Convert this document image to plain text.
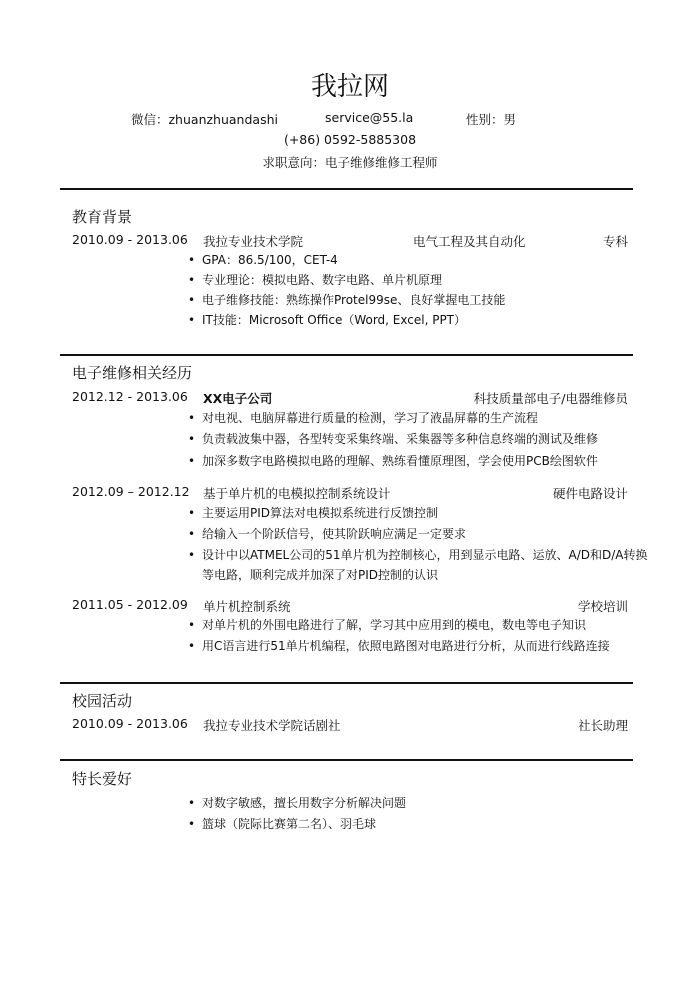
我拉网
微信：zhuanzhuandashi	service@55.la	性别：男
(+86) 0592-5885308
求职意向：电子维修维修工程师
教育背景
2010.09 - 2013.06 我拉专业技术学院	电气工程及其自动化	专科
• GPA：86.5/100，CET-4
• 专业理论：模拟电路、数字电路、单片机原理
• 电子维修技能：熟练操作Protel99se、良好掌握电工技能
• IT技能：Microsoft Office（Word, Excel, PPT）
电子维修相关经历
2012.12 - 2013.06 XX电子公司	科技质量部电子/电器维修员
• 对电视、电脑屏幕进行质量的检测，学习了液晶屏幕的生产流程
• 负责载波集中器，各型转变采集终端、采集器等多种信息终端的测试及维修
• 加深多数字电路模拟电路的理解、熟练看懂原理图，学会使用PCB绘图软件
2012.09 – 2012.12 基于单片机的电模拟控制系统设计	硬件电路设计
• 主要运用PID算法对电模拟系统进行反馈控制
• 给输入一个阶跃信号，使其阶跃响应满足一定要求
• 设计中以ATMEL公司的51单片机为控制核心，用到显示电路、运放、A/D和D/A转换等电路，顺利完成并加深了对PID控制的认识
2011.05 - 2012.09 单片机控制系统	学校培训
• 对单片机的外围电路进行了解，学习其中应用到的模电，数电等电子知识
• 用C语言进行51单片机编程，依照电路图对电路进行分析，从而进行线路连接
校园活动
2010.09 - 2013.06 我拉专业技术学院话剧社	社长助理
特长爱好
• 对数字敏感，擅长用数字分析解决问题
• 篮球（院际比赛第二名）、羽毛球
